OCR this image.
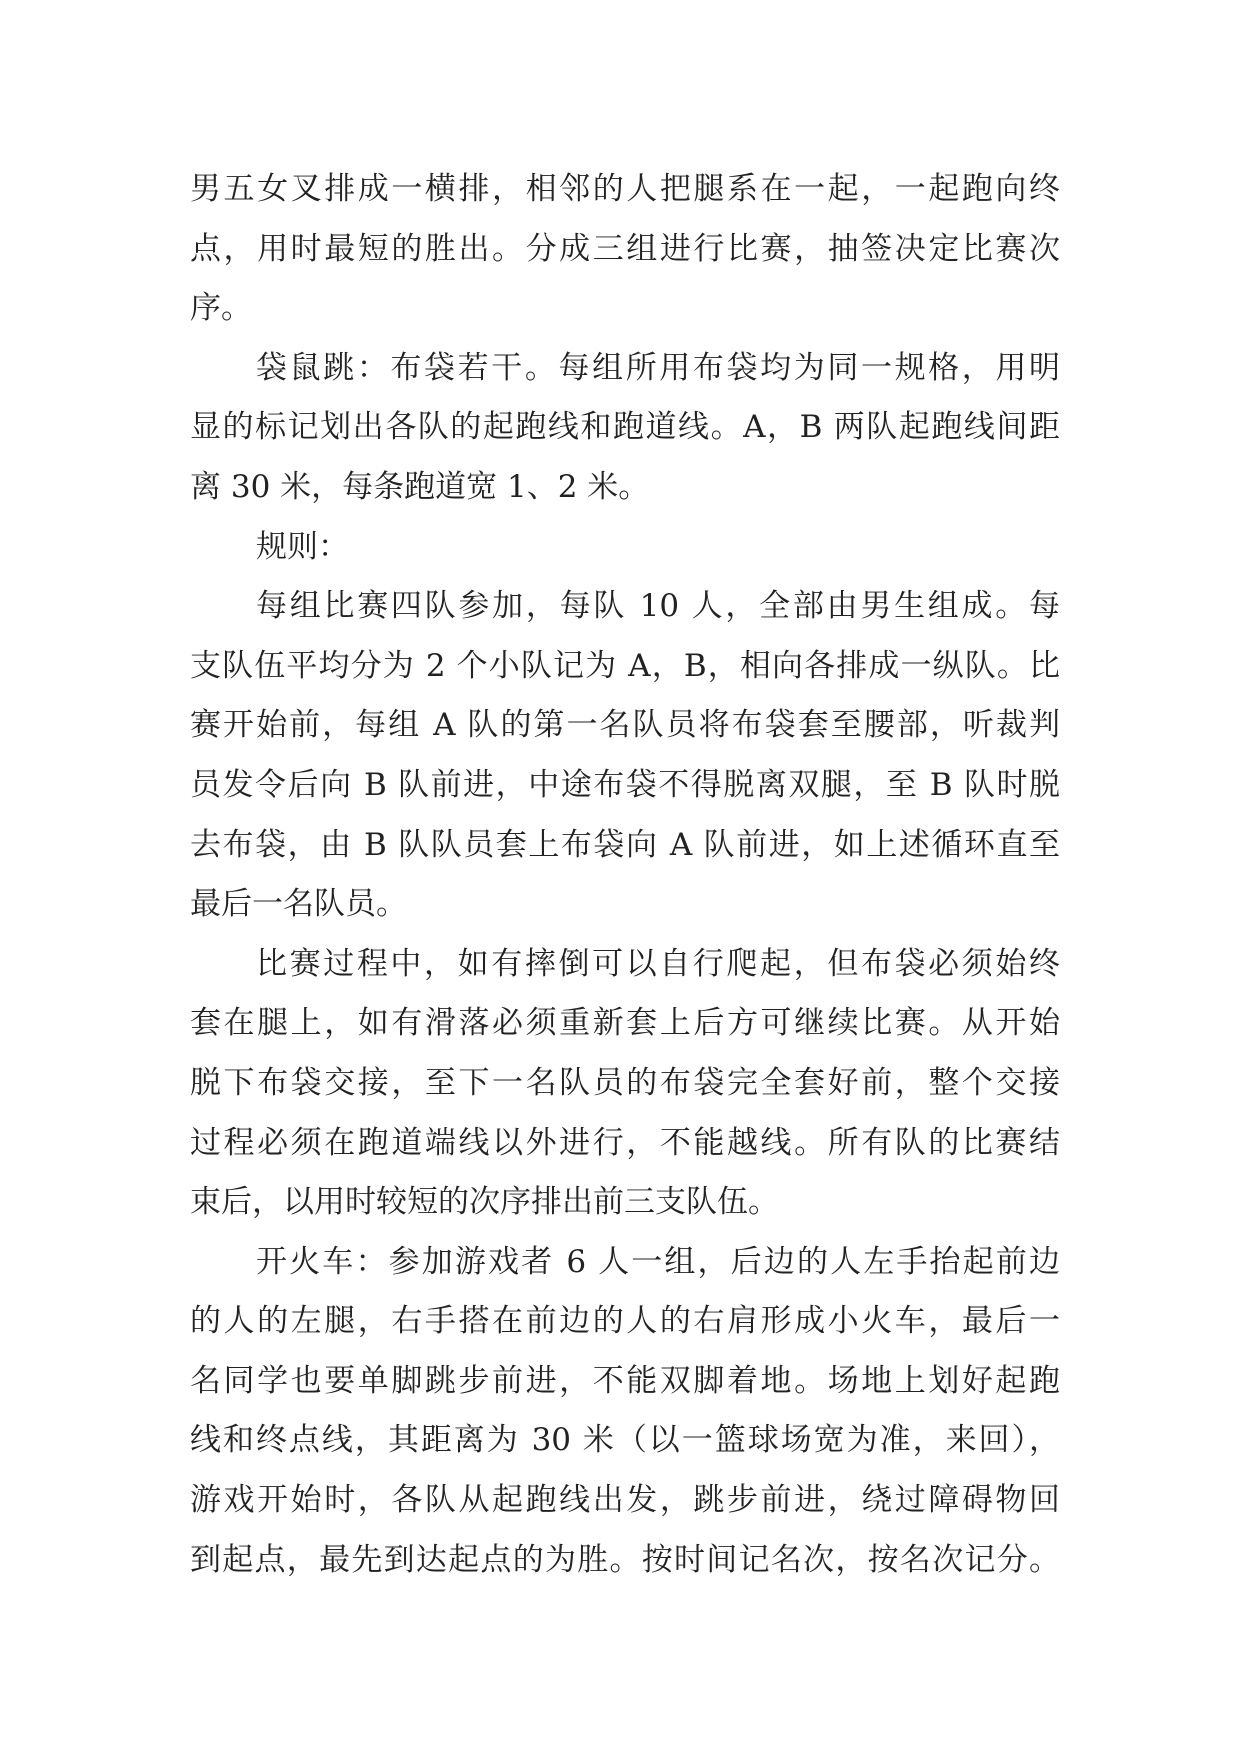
男五女叉排成一横排，相邻的人把腿系在一起，一起跑向终
点，用时最短的胜出。分成三组进行比赛，抽签决定比赛次
序。
袋鼠跳：布袋若干。每组所用布袋均为同一规格，用明
显的标记划出各队的起跑线和跑道线。A，B 两队起跑线间距
离 30 米，每条跑道宽 1、2 米。
规则：
每组比赛四队参加，每队 10 人，全部由男生组成。每
支队伍平均分为 2 个小队记为 A，B，相向各排成一纵队。比
赛开始前，每组 A 队的第一名队员将布袋套至腰部，听裁判
员发令后向 B 队前进，中途布袋不得脱离双腿，至 B 队时脱
去布袋，由 B 队队员套上布袋向 A 队前进，如上述循环直至
最后一名队员。
比赛过程中，如有摔倒可以自行爬起，但布袋必须始终
套在腿上，如有滑落必须重新套上后方可继续比赛。从开始
脱下布袋交接，至下一名队员的布袋完全套好前，整个交接
过程必须在跑道端线以外进行，不能越线。所有队的比赛结
束后，以用时较短的次序排出前三支队伍。
开火车：参加游戏者 6 人一组，后边的人左手抬起前边
的人的左腿，右手搭在前边的人的右肩形成小火车，最后一
名同学也要单脚跳步前进，不能双脚着地。场地上划好起跑
线和终点线，其距离为 30 米（以一篮球场宽为准，来回），
游戏开始时，各队从起跑线出发，跳步前进，绕过障碍物回
到起点，最先到达起点的为胜。按时间记名次，按名次记分。
